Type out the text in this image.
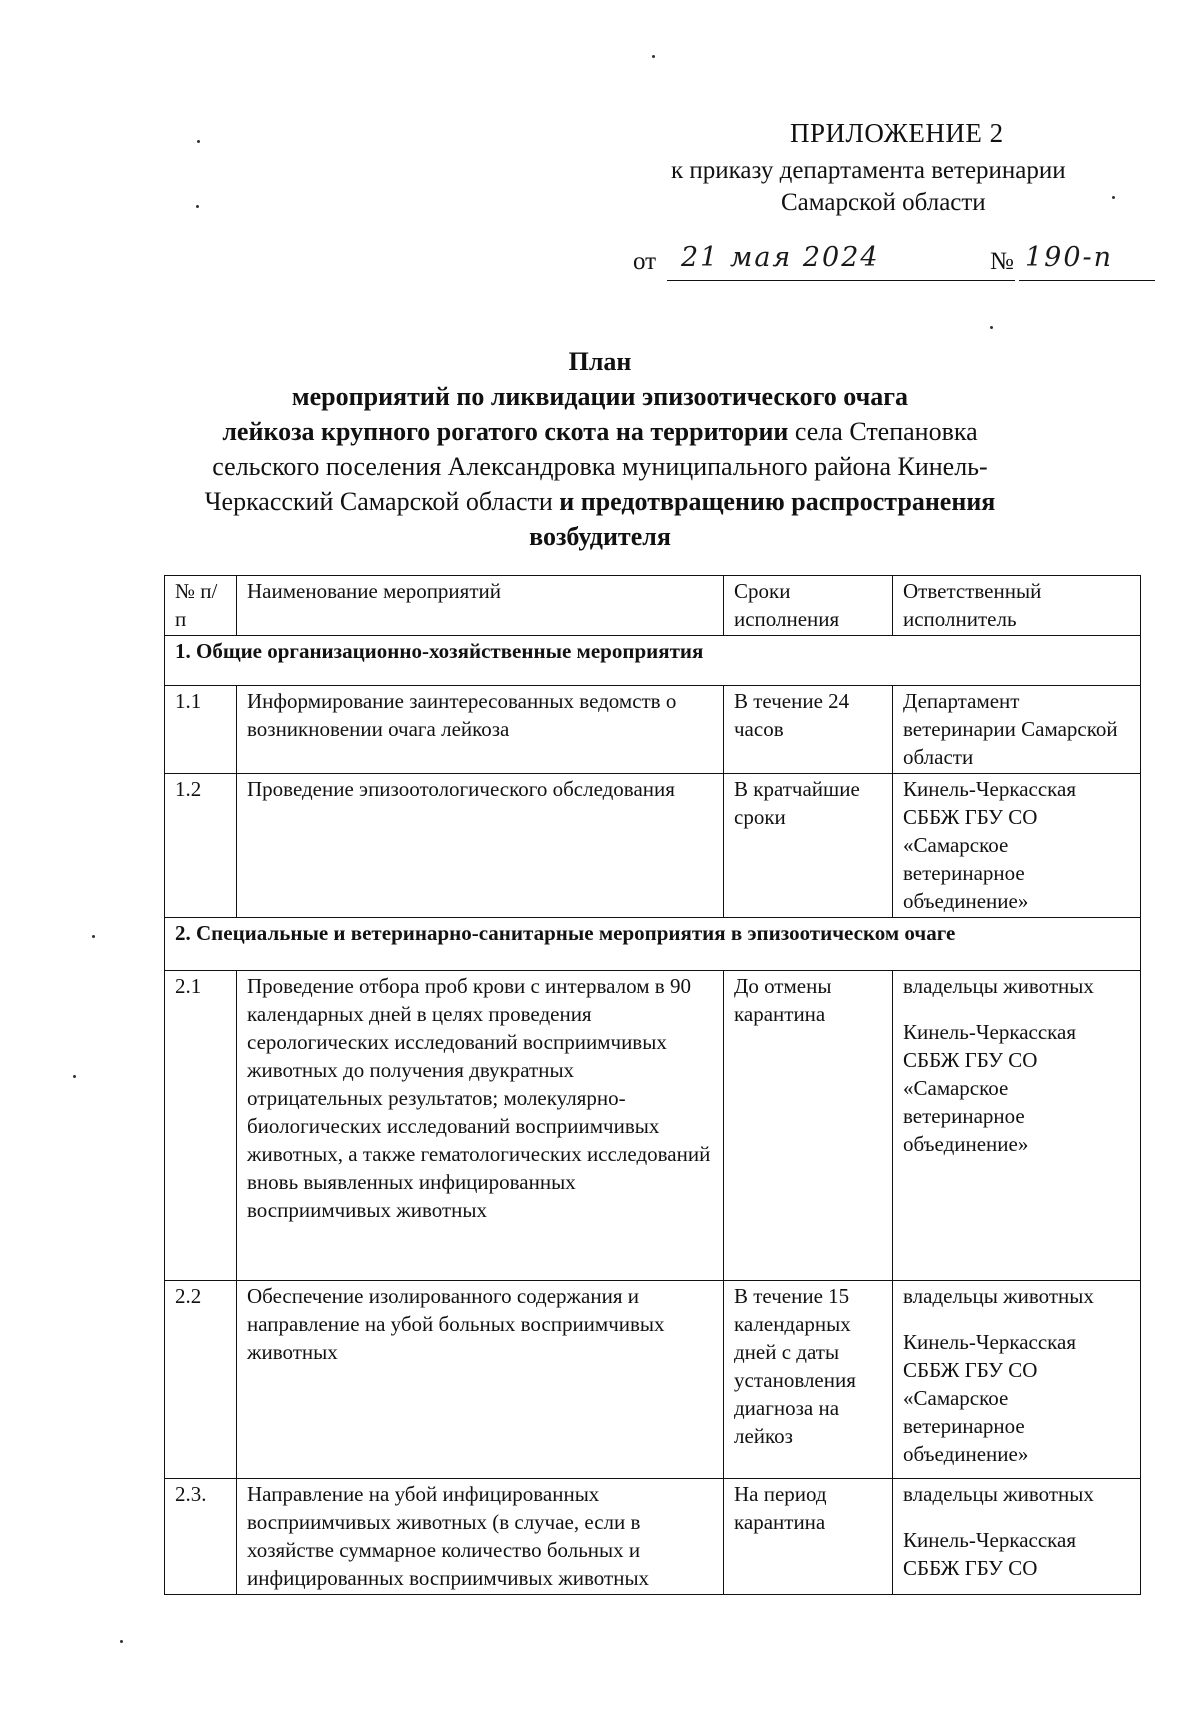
ПРИЛОЖЕНИЕ 2
к приказу департамента ветеринарии
Самарской области
от 21 мая 2024	№ 190-п
План
мероприятий по ликвидации эпизоотического очага
лейкоза крупного рогатого скота на территории села Степановка
сельского поселения Александровка муниципального района Кинель-
Черкасский Самарской области и предотвращению распространения
возбудителя
№ п/п	Наименование мероприятий	Сроки исполнения	Ответственный исполнитель
1. Общие организационно-хозяйственные мероприятия			
1.1	Информирование заинтересованных ведомств о возникновении очага лейкоза	В течение 24 часов	Департамент ветеринарии Самарской области
1.2	Проведение эпизоотологического обследования	В кратчайшие сроки	Кинель-Черкасская СББЖ ГБУ СО «Самарское ветеринарное объединение»
2. Специальные и ветеринарно-санитарные мероприятия в эпизоотическом очаге			
2.1	Проведение отбора проб крови с интервалом в 90 календарных дней в целях проведения серологических исследований восприимчивых животных до получения двукратных отрицательных результатов; молекулярно-биологических исследований восприимчивых животных, а также гематологических исследований вновь выявленных инфицированных восприимчивых животных	До отмены карантина	владельцы животных
Кинель-Черкасская СББЖ ГБУ СО «Самарское ветеринарное объединение»
2.2	Обеспечение изолированного содержания и направление на убой больных восприимчивых животных	В течение 15 календарных дней с даты установления диагноза на лейкоз	владельцы животных
Кинель-Черкасская СББЖ ГБУ СО «Самарское ветеринарное объединение»
2.3.	Направление на убой инфицированных восприимчивых животных (в случае, если в хозяйстве суммарное количество больных и инфицированных восприимчивых животных	На период карантина	владельцы животных
Кинель-Черкасская СББЖ ГБУ СО
